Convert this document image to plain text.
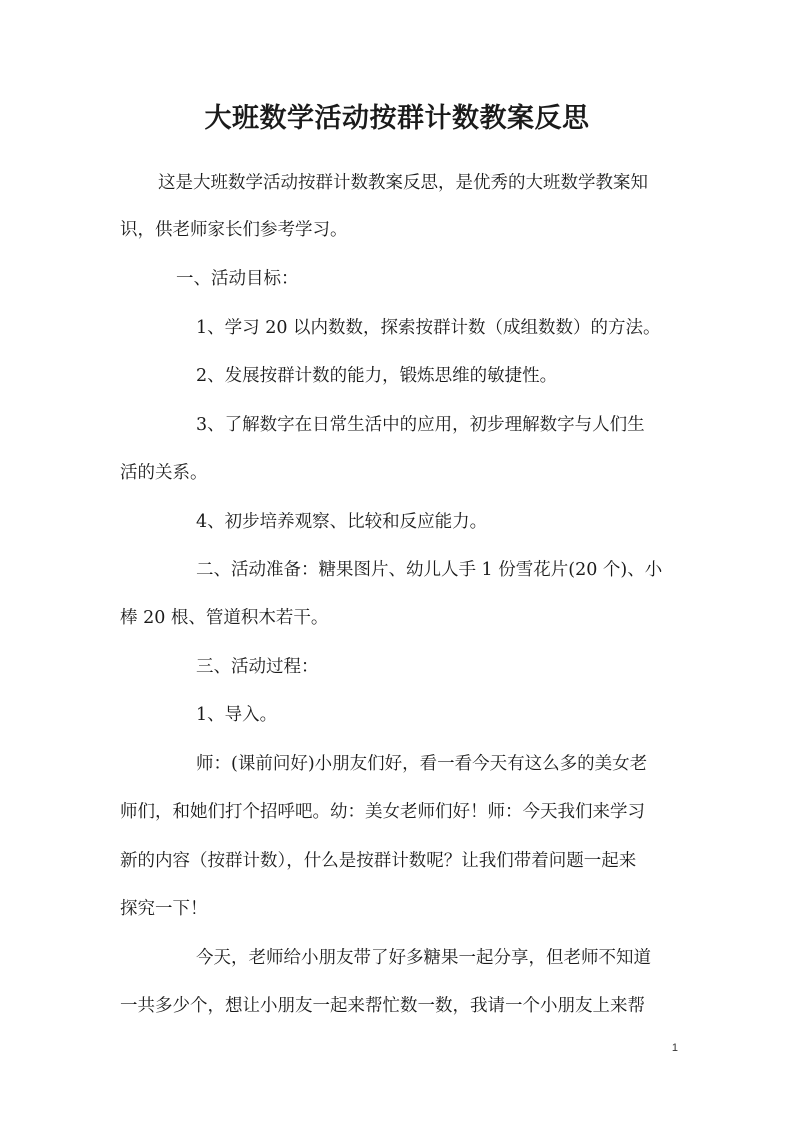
大班数学活动按群计数教案反思
这是大班数学活动按群计数教案反思，是优秀的大班数学教案知
识，供老师家长们参考学习。
一、活动目标：
1、学习 20 以内数数，探索按群计数（成组数数）的方法。
2、发展按群计数的能力，锻炼思维的敏捷性。
3、了解数字在日常生活中的应用，初步理解数字与人们生
活的关系。
4、初步培养观察、比较和反应能力。
二、活动准备：糖果图片、幼儿人手 1 份雪花片(20 个)、小
棒 20 根、管道积木若干。
三、活动过程：
1、导入。
师：(课前问好)小朋友们好，看一看今天有这么多的美女老
师们，和她们打个招呼吧。幼：美女老师们好！师：今天我们来学习
新的内容（按群计数），什么是按群计数呢？让我们带着问题一起来
探究一下！
今天，老师给小朋友带了好多糖果一起分享，但老师不知道
一共多少个，想让小朋友一起来帮忙数一数，我请一个小朋友上来帮
1
